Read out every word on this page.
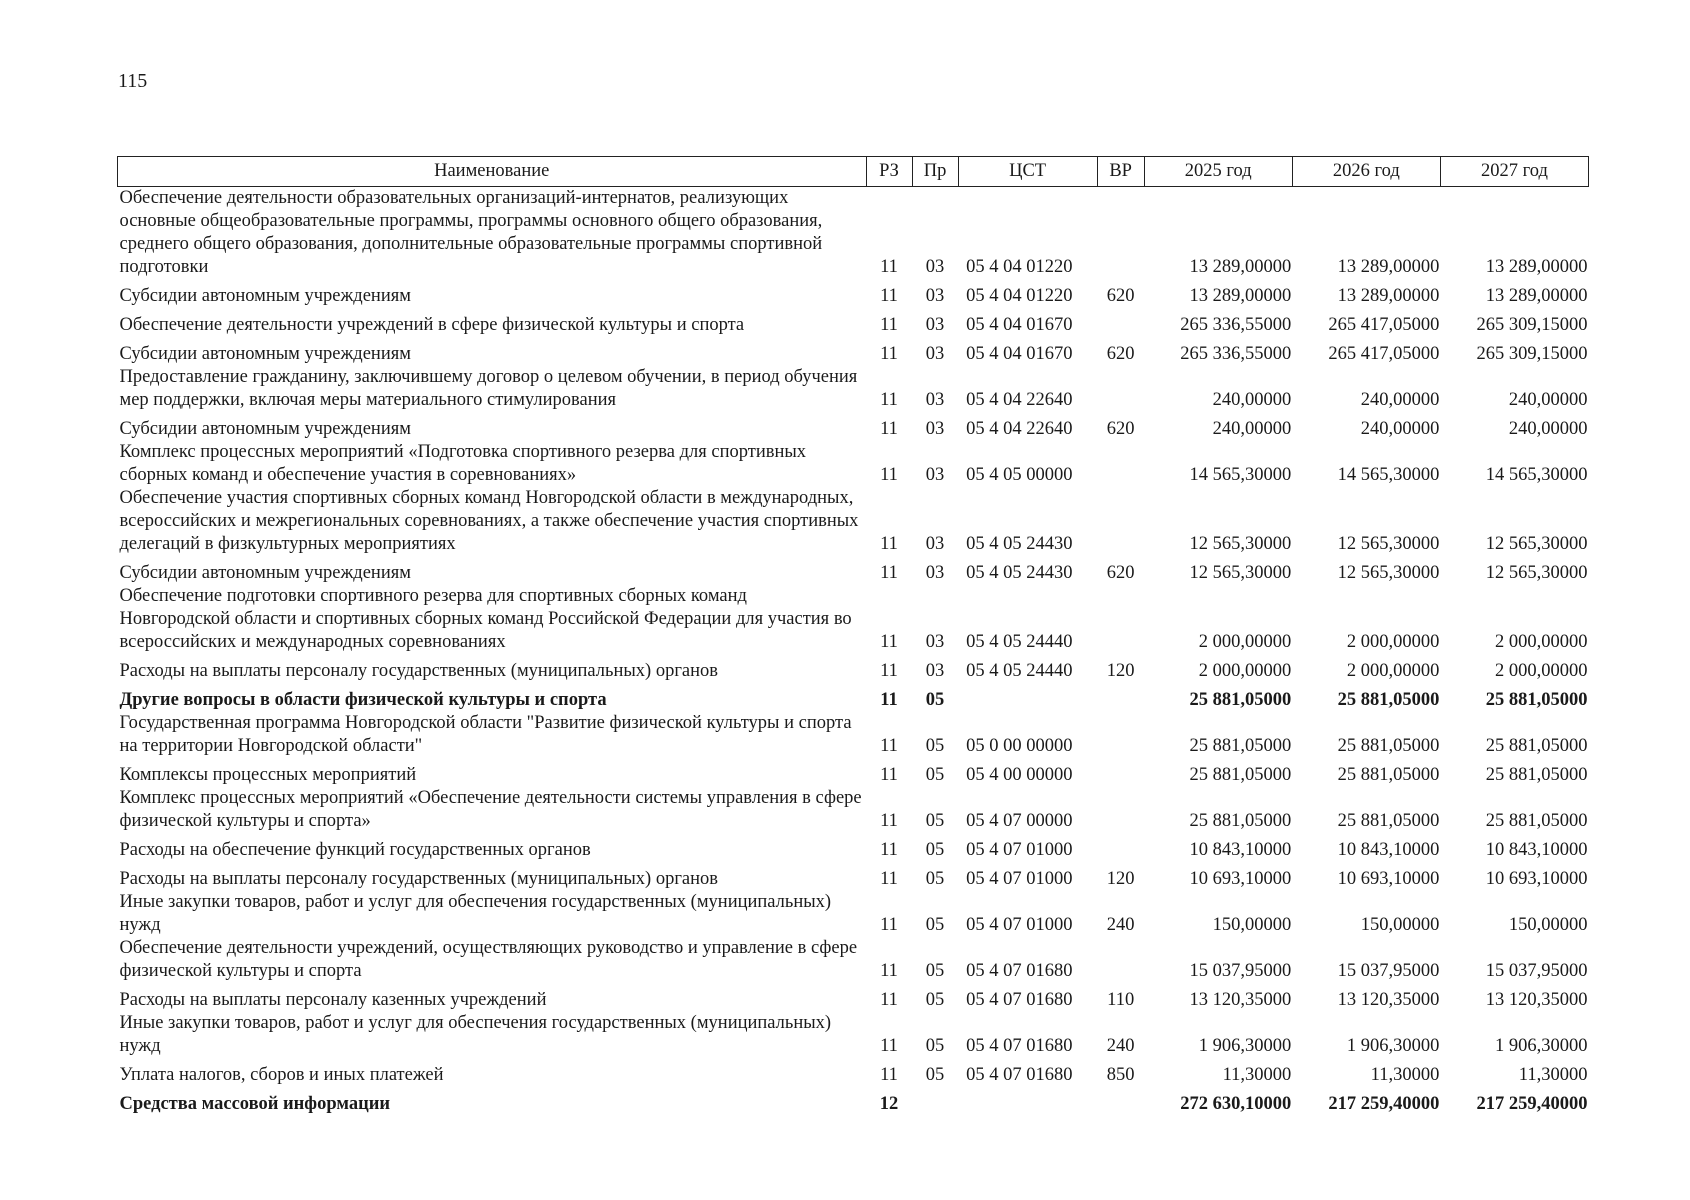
115
Наименование	РЗ	Пр	ЦСТ	ВР	2025 год	2026 год	2027 год
Обеспечение деятельности образовательных организаций-интернатов, реализующих основные общеобразовательные программы, программы основного общего образования, среднего общего образования, дополнительные образовательные программы спортивной подготовки	11	03	05 4 04 01220		13 289,00000	13 289,00000	13 289,00000
Субсидии автономным учреждениям	11	03	05 4 04 01220	620	13 289,00000	13 289,00000	13 289,00000
Обеспечение деятельности учреждений в сфере физической культуры и спорта	11	03	05 4 04 01670		265 336,55000	265 417,05000	265 309,15000
Субсидии автономным учреждениям	11	03	05 4 04 01670	620	265 336,55000	265 417,05000	265 309,15000
Предоставление гражданину, заключившему договор о целевом обучении, в период обучения мер поддержки, включая меры материального стимулирования	11	03	05 4 04 22640		240,00000	240,00000	240,00000
Субсидии автономным учреждениям	11	03	05 4 04 22640	620	240,00000	240,00000	240,00000
Комплекс процессных мероприятий «Подготовка спортивного резерва для спортивных сборных команд и обеспечение участия в соревнованиях»	11	03	05 4 05 00000		14 565,30000	14 565,30000	14 565,30000
Обеспечение участия спортивных сборных команд Новгородской области в международных, всероссийских и межрегиональных соревнованиях, а также обеспечение участия спортивных делегаций в физкультурных мероприятиях	11	03	05 4 05 24430		12 565,30000	12 565,30000	12 565,30000
Субсидии автономным учреждениям	11	03	05 4 05 24430	620	12 565,30000	12 565,30000	12 565,30000
Обеспечение подготовки спортивного резерва для спортивных сборных команд Новгородской области и спортивных сборных команд Российской Федерации для участия во всероссийских и международных соревнованиях	11	03	05 4 05 24440		2 000,00000	2 000,00000	2 000,00000
Расходы на выплаты персоналу государственных (муниципальных) органов	11	03	05 4 05 24440	120	2 000,00000	2 000,00000	2 000,00000
Другие вопросы в области физической культуры и спорта	11	05			25 881,05000	25 881,05000	25 881,05000
Государственная программа Новгородской области "Развитие физической культуры и спорта на территории Новгородской области"	11	05	05 0 00 00000		25 881,05000	25 881,05000	25 881,05000
Комплексы процессных мероприятий	11	05	05 4 00 00000		25 881,05000	25 881,05000	25 881,05000
Комплекс процессных мероприятий «Обеспечение деятельности системы управления в сфере физической культуры и спорта»	11	05	05 4 07 00000		25 881,05000	25 881,05000	25 881,05000
Расходы на обеспечение функций государственных органов	11	05	05 4 07 01000		10 843,10000	10 843,10000	10 843,10000
Расходы на выплаты персоналу государственных (муниципальных) органов	11	05	05 4 07 01000	120	10 693,10000	10 693,10000	10 693,10000
Иные закупки товаров, работ и услуг для обеспечения государственных (муниципальных) нужд	11	05	05 4 07 01000	240	150,00000	150,00000	150,00000
Обеспечение деятельности учреждений, осуществляющих руководство и управление в сфере физической культуры и спорта	11	05	05 4 07 01680		15 037,95000	15 037,95000	15 037,95000
Расходы на выплаты персоналу казенных учреждений	11	05	05 4 07 01680	110	13 120,35000	13 120,35000	13 120,35000
Иные закупки товаров, работ и услуг для обеспечения государственных (муниципальных) нужд	11	05	05 4 07 01680	240	1 906,30000	1 906,30000	1 906,30000
Уплата налогов, сборов и иных платежей	11	05	05 4 07 01680	850	11,30000	11,30000	11,30000
Средства массовой информации	12				272 630,10000	217 259,40000	217 259,40000
